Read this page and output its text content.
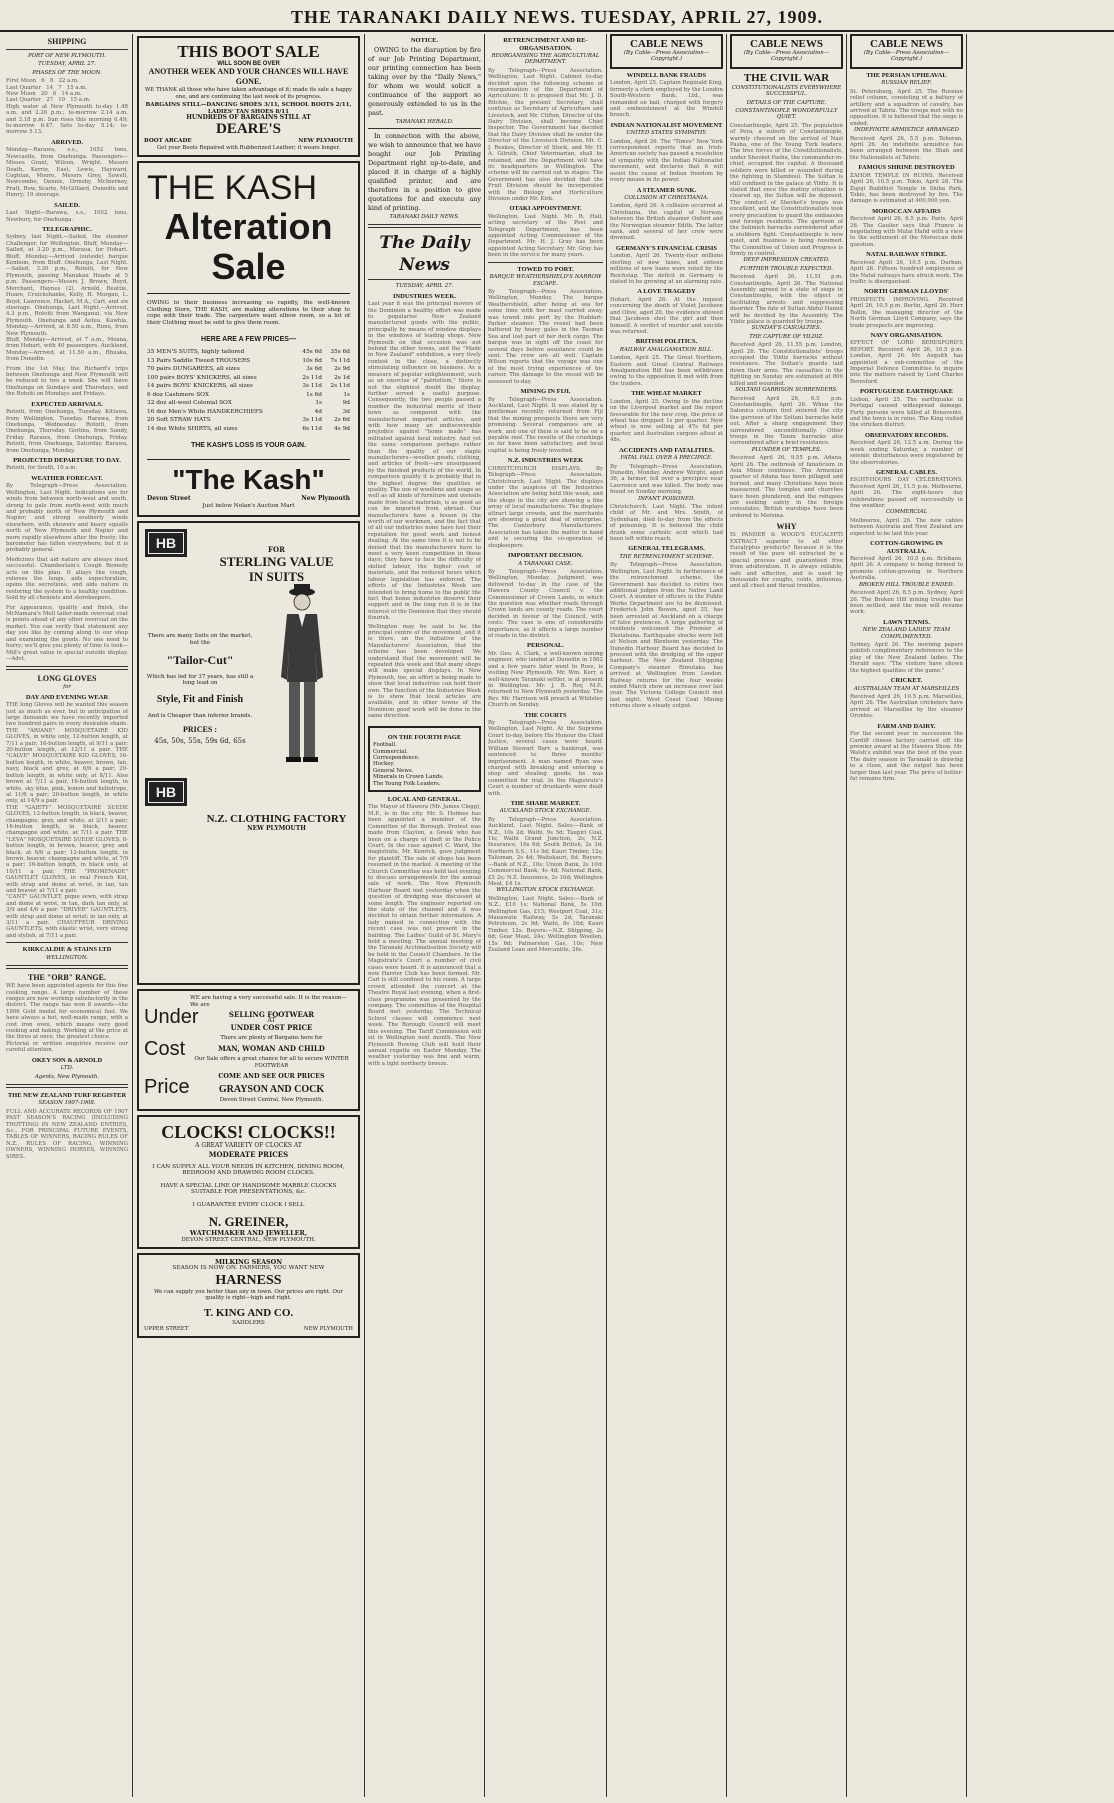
THE TARANAKI DAILY NEWS. TUESDAY, APRIL 27, 1909.
SHIPPING
PORT OF NEW PLYMOUTH.
TUESDAY, APRIL 27.
PHASES OF THE MOON.
First Moon   6   8   22 a.m.
Last Quarter   14   7   15 a.m.
New Moon   20   6   14 a.m.
Last Quarter   27   10   15 a.m.
High water at New Plymouth to-day 1.48 a.m. and 2.26 p.m.; to-morrow 2.14 a.m. and 3.18 p.m. Sun rises this morning 6.49; to-morrow 6.47. Sets to-day 5.14; to-morrow 5.13.
ARRIVED.
Monday—Rarawa, s.s., 1052 tons, Newcastle, from Onehunga. Passengers—Misses Grant, Wilson, Wright, Messrs Death, Kerrie, East, Lewis, Hayward, Coghlan, Moore, Messrs Grey, Sowell, Newcombe, Dennis, Ormsby, McInerney, Pratt, Row, Scarte, McGilliard, Dunedin and Henry; 19 steerage.
SAILED.
Last Night—Rarawa, s.s., 1052 tons, Newbury, for Onehunga.
TELEGRAPHIC.
Sydney, last Night.—Sailed, the steamer Challenger, for Wellington. Bluff, Monday—Sailed, at 3.20 p.m., Maraua, for Hobart. Bluff, Monday.—Arrived (outside) barque Kenbom, from Bluff. Onehunga, Last Night.—Sailed, 3.30 p.m., Rotoiti, for New Plymouth, passing Manukau Heads at 5 p.m. Passengers—Messrs J. Brown, Boyd, Merchant, Haynes (2), Arnold, Beattie, Hoare, Cruickshanks, Kelly, H. Morgan, L. Boyd, Lawrence, Hacket, M.A., Carl, and six steerage. Onehunga, Last Night.—Arrived, 4.3 p.m., Rotoiti from Wanganui, via New Plymouth. Onehunga and Aotea. Kawhia, Monday.—Arrived, at 8.50 a.m., Rimu, from New Plymouth.
Bluff, Monday—Arrived, at 7 a.m., Moana, from Hobart, with 40 passengers. Auckland, Monday—Arrived, at 11.50 a.m., Rhuaka, from Dunedin.
From the 1st May, the Richard's trips between Onehunga and New Plymouth will be reduced to two a week. She will leave Onehunga on Sundays and Thursdays, and the Rotoiti on Mondays and Fridays.
EXPECTED ARRIVALS.
Rotoiti, from Onehunga, Tuesday. Kittawa, from Wellington, Tuesday. Rarawa, from Onehunga, Wednesday. Rotoiti, from Onehunga, Thursday. Gorlina, from Sandy, Friday. Rarawa, from Onehunga, Friday. Rotoiti, from Onehunga, Saturday. Rarawa, from Onehunga, Monday.
PROJECTED DEPARTURE TO DAY.
Rotoiti, for South, 10 a.m.
WEATHER FORECAST.
By Telegraph—Press Association. Wellington, Last Night. Indications are for winds from between north-west and south, strong to gale from north-west with much and probably north of New Plymouth and Napier; and strong southerly winds elsewhere, with showers and heavy squalls north of New Plymouth and Napier and more rapidly elsewhere after the frosty; the barometer has fallen everywhere; but it is probably general.
Medicines that aid nature are always most successful. Chamberlain's Cough Remedy acts on this plan. It allays the cough, relieves the lungs, aids expectoration, opens the secretions, and aids nature in restoring the system to a healthy condition. Sold by all chemists and storekeepers.
For appearance, quality and finish, the McNamara's Mell tailor-made overcoat coat is points ahead of any other overcoat on the market. You can verify that statement any day you like by coming along to our shop and examining the goods. No one need to hurry; we'll give you plenty of time to look—Mill's great value in special outside display.—Advt.
LONG GLOVES
for
DAY AND EVENING WEAR
THE long Gloves will be wanted this season just as much as ever, but in anticipation of large demands we have recently imported two hundred pairs in every desirable shade. THE "ARIANE" MOSQUETAIRE KID GLOVES, in white only, 12-button length, at 7/11 a pair; 16-button length, at 9/11 a pair; 20-button length, at 12/11 a pair. THE "CALVE" MOSQUETAIRE KID GLOVES, 16-button length, in white, beaver, brown, tan, navy, black and grey, at 6/6 a pair; 20-button length, in white only, at 8/11. Also brown at 7/11 a pair, 16-button length, in white, sky blue, pink, lemon and heliotrope, at 11/6 a pair; 20-button length, in white only, at 14/9 a pair.
THE "GAIETY" MOSQUETAIRE SUEDE GLOVES, 12-button length, in black, beaver, champagne, grey, and white, at 3/11 a pair; 16-button length, in black, beaver, champagne and white, at 7/11 a pair. THE "LEVA" MOSQUETAIRE SUEDE GLOVES, 8-button length, in brown, beaver, grey and black, at 6/6 a pair; 12-button length, in brown, beaver, champagne and white, at 7/9 a pair; 16-button length, in black only, at 10/11 a pair. THE "PROMENADE" GAUNTLET GLOVES, in real French Kid, with strap and dome at wrist, in tan, tan and beaver, at 7/11 a pair.
"CANT" GAUNTLET, pique sewn, with strap and dome at wrist, in tan, dark tan only, at 3/9 and 4/6 a pair. "DRIVER" GAUNTLETS, with strap and dome at wrist; in tan only, at 3/11 a pair. CHAUFFEUR DRIVING GAUNTLETS, with elastic wrist, very strong and stylish, at 7/11 a pair.
KIRKCALDIE & STAINS LTD
WELLINGTON.
THE "ORB" RANGE.
WE have been appointed agents for this fine cooking range. A large number of these ranges are now working satisfactorily in the district. The range has won 8 awards—the 1906 Gold medal for economical fuel. We have always a hot, well-made range, with a cost iron oven, which means very good cooking and baking. Working at the price at the three at once, the greatest choice.
Pictorial or written enquiries receive our careful attention.
OKEY SON & ARNOLD
LTD.
Agents, New Plymouth.
THE NEW ZEALAND TURF REGISTER
SEASON 1907-1908.
FULL AND ACCURATE RECORDS OF 1907 PAST SEASON'S RACING (INCLUDING TROTTING) IN NEW ZEALAND ENTRIES, &c., FOR PRINCIPAL FUTURE EVENTS, TABLES OF WINNERS, RACING RULES OF N.Z., RULES OF RACING, WINNING OWNERS, WINNING HORSES, WINNING SIRES.
THIS BOOT SALE
WILL SOON BE OVER
ANOTHER WEEK AND YOUR CHANCES WILL HAVE GONE.
WE THANK all those who have taken advantage of it; made its sale a happy one, and are continuing the last week of its progress.
BARGAINS STILL—DANCING SHOES 3/11, SCHOOL BOOTS 2/11, LADIES' TAN SHOES 8/11
HUNDREDS OF BARGAINS STILL AT
DEARE'S
BOOT ARCADE	NEW PLYMOUTH
Get your Boots Repaired with Rubberized Leather; it wears longer.
THE KASH
Alteration Sale
OWING to their business increasing so rapidly, the well-known Clothing Store, THE KASH, are making alterations to their shop to cope with their trade. The carpenters want elbow room, so a lot of their Clothing must be sold to give them room.
HERE ARE A FEW PRICES—
35 MEN'S SUITS, highly tailored	45s 6d	35s 6d
13 Pairs Saddle Tweed TROUSERS	10s 6d	7s 11d
70 pairs DUNGAREES, all sizes	3s 6d	2s 9d
100 pairs BOYS' KNICKERS, all sizes	2s 11d	2s 1d
14 pairs BOYS' KNICKERS, all sizes	3s 11d	2s 11d
6 doz Cashmere SOX	1s 6d	1s
32 doz all-wool Colonial SOX	1s	9d
16 doz Men's White HANDKERCHIEFS	4d	3d
20 Soft STRAW HATS	3s 11d	2s 6d
14 doz White SHIRTS, all sizes	6s 11d	4s 9d
THE KASH'S LOSS IS YOUR GAIN.
"The Kash"
Devon Street	New Plymouth
Just below Nolan's Auction Mart
HB
HB
FOR
STERLING VALUE
IN SUITS
There are many Suits on the market, but the
"Tailor-Cut"
Which has led for 37 years, has still a long lead on
Style, Fit and Finish
And is Cheaper than inferior brands.
PRICES :
45s, 50s, 55s, 59s 6d, 65s
N.Z. CLOTHING FACTORY
NEW PLYMOUTH
Under
Cost
Price
WE are having a very successful sale. It is the reason—We are
SELLING FOOTWEAR
AT
UNDER COST PRICE
There are plenty of Bargains here for
MAN, WOMAN AND CHILD
Our Sale offers a great chance for all to secure WINTER FOOTWEAR
COME AND SEE OUR PRICES
GRAYSON AND COCK
Devon Street Central, New Plymouth.
CLOCKS! CLOCKS!!
A GREAT VARIETY OF CLOCKS AT
MODERATE PRICES
I CAN SUPPLY ALL YOUR NEEDS IN KITCHEN, DINING ROOM, BEDROOM AND DRAWING ROOM CLOCKS.
HAVE A SPECIAL LINE OF HANDSOME MARBLE CLOCKS SUITABLE FOR PRESENTATIONS, &c.
I GUARANTEE EVERY CLOCK I SELL
N. GREINER,
WATCHMAKER AND JEWELLER,
DEVON STREET CENTRAL, NEW PLYMOUTH.
MILKING SEASON
SEASON IS NOW ON. FARMERS, YOU WANT NEW
HARNESS
We can supply you better than any in town. Our prices are right. Our quality is right—high and right.
T. KING AND CO.
SADDLERS
UPPER STREET	NEW PLYMOUTH
NOTICE.
OWING to the disruption by fire of our Job Printing Department, our printing connection has been taking over by the "Daily News," for whom we would solicit a continuance of the support so generously extended to us in the past.
TARANAKI HERALD.
In connection with the above, we wish to announce that we have bought our Job Printing Department right up-to-date, and placed it in charge of a highly qualified printer, and are therefore in a position to give quotations for and execute any kind of printing.
TARANAKI DAILY NEWS.
The Daily News
TUESDAY, APRIL 27.
INDUSTRIES WEEK.
Last year it was the principal movers of the Dominion a healthy effort was made to popularise New Zealand manufactured goods with the public, principally by means of window displays in the windows of leading shops. New Plymouth on that occasion was not behind the other towns, and the "Made in New Zealand" exhibition, a very lively contest in the close, a distinctly stimulating influence on business. As a measure of popular enlightenment, such as an exercise of "patriotism," there is not the slightest doubt the display, further served a useful purpose. Consequently, the two people passed a number the industrial merits of their town as compared with the manufactured imported articles, and with how many an undiscoverable prejudice against "home made" has militated against local industry. And yet the same comparison perhaps rather than the quality of our staple manufacturers—woollen goods, clothing, and articles of fresh—are unsurpassed by the finished products of the world. In comparison quality it is probably that in the highest degree the qualities of quality. The use of woollens and soaps as well as all kinds of furniture and utensils made from local materials, is as good as can be imported from abroad. Our manufacturers have a lesson in the worth of our workmen, and the fact that of all our industries none have lost their reputation for good work and honest dealing. At the same time it is not to be denied that the manufacturers have to meet a very keen competition in these days; they have to face the difficulty of skilled labour, the higher cost of materials, and the reduced hours which labour legislation has enforced. The efforts of the Industries Week are intended to bring home to the public the fact that home industries deserve their support and in the long run it is in the interest of the Dominion that they should flourish.
Wellington may be said to be the principal centre of the movement, and it is there, on the initiative of the Manufacturers' Association, that the scheme has been developed. We understand that the movement will be repeated this week and that many shops will make special displays. In New Plymouth, too, an effort is being made to show that local industries can hold their own. The function of the Industries Week is to show that local articles are available, and in other towns of the Dominion good work will be done in the same direction.
ON THE FOURTH PAGE
Football.
Commercial.
Correspondence.
Hockey.
General News.
Minerals in Crown Lands.
The Young Folk Leaders.
LOCAL AND GENERAL.
The Mayor of Hawera (Mr. James Clegg), M.P., is in the city. Mr. S. Holmes has been appointed a member of the Committee of the Borough. Protest was made from Clayton, a Greek who has been on a charge of theft in the Police Court. In the case against C. Ward, the magistrate, Mr. Kenrick, gave judgment for plaintiff. The sale of shops has been resumed in the market. A meeting of the Church Committee was held last evening to discuss arrangements for the annual sale of work. The New Plymouth Harbour Board met yesterday when the question of dredging was discussed at some length. The engineer reported on the state of the channel and it was decided to obtain further information. A lady named in connection with the recent case was not present in the building. The Ladies' Guild of St. Mary's held a meeting. The annual meeting of the Taranaki Acclimatisation Society will be held in the Council Chambers. In the Magistrate's Court a number of civil cases were heard. It is announced that a new Harrier Club has been formed. Mr. Carl is still confined to his room. A large crowd attended the concert at the Theatre Royal last evening, when a first-class programme was presented by the company. The committee of the Hospital Board met yesterday. The Technical School classes will commence next week. The Borough Council will meet this evening. The Tariff Commission will sit in Wellington next month. The New Plymouth Rowing Club will hold their annual regatta on Easter Monday. The weather yesterday was fine and warm, with a light northerly breeze.
RETRENCHMENT AND RE-ORGANISATION.
REORGANISING THE AGRICULTURAL DEPARTMENT.
By Telegraph—Press Association. Wellington, Last Night. Cabinet to-day decided upon the following scheme of reorganisation of the Department of Agriculture: It is proposed that Mr. J. D. Ritchie, the present Secretary, shall continue as Secretary of Agriculture and Livestock, and Mr. Clifton, Director of the Dairy Division, shall become Chief Inspector. The Government has decided that the Dairy Division shall be under the Director of the Livestock Division. Mr. C. J. Reakes, Director of Stock, and Mr. H. A. Gilruth, Chief Veterinarian, shall be retained, and the Department will have its headquarters in Wellington. The scheme will be carried out in stages. The Government has also decided that the Fruit Division should be incorporated with the Biology and Horticulture Division under Mr. Kirk.
OTAKI APPOINTMENT.
Wellington, Last Night. Mr. R. Hall, acting secretary of the Post and Telegraph Department, has been appointed Acting Commissioner of the Department. Mr. H. J. Gray has been appointed Acting Secretary. Mr. Gray has been in the service for many years.
TOWED TO PORT.
BARQUE WEATHERSHIELD'S NARROW ESCAPE.
By Telegraph—Press Association. Wellington, Monday. The barque Weathershield, after being at sea for some time with her mast carried away, was towed into port by the Huddart-Parker steamer. The vessel had been battered by heavy gales in the Tasman Sea and lost part of her deck cargo. The barque was in sight off the coast for several days before assistance could be sent. The crew are all well. Captain Wilson reports that the voyage was one of the most trying experiences of his career. The damage to the vessel will be assessed to-day.
MINING IN FIJI.
By Telegraph—Press Association. Auckland, Last Night. It was stated by a gentleman recently returned from Fiji that the mining prospects there are very promising. Several companies are at work, and one of them is said to be on a payable reef. The results of the crushings so far have been satisfactory, and local capital is being freely invested.
N.Z. INDUSTRIES WEEK
CHRISTCHURCH DISPLAYS. By Telegraph—Press Association. Christchurch, Last Night. The displays under the auspices of the Industries Association are being held this week, and the shops in the city are showing a fine array of local manufactures. The displays attract large crowds, and the merchants are showing a great deal of enterprise. The Canterbury Manufacturers' Association has taken the matter in hand and is securing the co-operation of shopkeepers.
IMPORTANT DECISION.
A TARANAKI CASE.
By Telegraph—Press Association. Wellington, Monday. Judgment was delivered to-day in the case of the Hawera County Council v. the Commissioner of Crown Lands, in which the question was whether roads through Crown lands are county roads. The court decided in favour of the Council, with costs. The case is one of considerable importance, as it affects a large number of roads in the district.
PERSONAL.
Mr. Geo. A. Clark, a well-known mining engineer, who landed at Dunedin in 1862 and a few years later went to Ross, is visiting New Plymouth. Mr. Wm. Kerr, a well-known Taranaki settler, is at present in Wellington. Mr. J. B. Roy, M.P., returned to New Plymouth yesterday. The Rev. Mr. Harrison will preach at Whiteley Church on Sunday.
THE COURTS
By Telegraph—Press Association. Wellington, Last Night. At the Supreme Court to-day, before His Honour the Chief Justice, several cases were heard. William Stewart Barr, a bankrupt, was sentenced to three months' imprisonment. A man named Ryan was charged with breaking and entering a shop and stealing goods; he was committed for trial. In the Magistrate's Court a number of drunkards were dealt with.
THE SHARE MARKET.
AUCKLAND STOCK EXCHANGE.
By Telegraph—Press Association. Auckland, Last Night. Sales:—Bank of N.Z., 10s 2d; Waihi, 9s 5d; Taupiri Coal, 1ls; Waihi Grand Junction, 2s; N.Z. Insurance, 16s 6d; South British, 2s 3d; Northern S.S., 11s 9d; Kauri Timber, 12s; Talisman, 2s 4d; Waitekauri, 8d. Buyers:—Bank of N.Z., 10s; Union Bank, 2s 10d; Commercial Bank, 4s 4d; National Bank, £5 2s; N.Z. Insurance, 2s 10d; Wellington Meat, £4 1s.
WELLINGTON STOCK EXCHANGE.
Wellington, Last Night. Sales:—Bank of N.Z., £10 1s; National Bank, 5s 10d; Wellington Gas, £15; Westport Coal, 31s; Manawatu Railway, 5s 2d; Taranaki Petroleum, 2s 9d; Waihi, 8s 10d; Kauri Timber, 12s. Buyers:—N.Z. Shipping, 2s 6d; Gear Meat, 24s; Wellington Woollen, 15s 6d; Palmerston Gas, 10s; New Zealand Loan and Mercantile, 26s.
CABLE NEWS
(By Cable—Press Association—Copyright.)
WINDELL BANK FRAUDS
London, April 25. Captain Reginald King, formerly a clerk employed by the London South-Western Bank, Ltd., was remanded on bail, charged with forgery and embezzlement at the Windell branch.
INDIAN NATIONALIST MOVEMENT
UNITED STATES SYMPATHY.
London, April 26. The "Times" New York correspondent reports that an Irish-American society has passed a resolution of sympathy with the Indian Nationalist movement, and declares that it will assist the cause of Indian freedom by every means in its power.
A STEAMER SUNK.
COLLISION AT CHRISTIANIA.
London, April 26. A collision occurred at Christiania, the capital of Norway, between the British steamer Oxford and the Norwegian steamer Edith. The latter sank, and several of her crew were drowned.
GERMANY'S FINANCIAL CRISIS
London, April 26. Twenty-four millions sterling of new taxes, and sixteen millions of new loans were voted by the Reichstag. The deficit in Germany is stated to be growing at an alarming rate.
A LOVE TRAGEDY
Hobart, April 26. At the inquest concerning the death of Violet Jacobsen and Olive, aged 20, the evidence showed that Jacobsen shot the girl and then himself. A verdict of murder and suicide was returned.
BRITISH POLITICS.
RAILWAY AMALGAMATION BILL.
London, April 25. The Great Northern, Eastern and Great Central Railways Amalgamation Bill has been withdrawn owing to the opposition it met with from the traders.
THE WHEAT MARKET
London, April 25. Owing to the decline on the Liverpool market and the report favourable for the new crop, the price of wheat has dropped 1s per quarter. New wheat is now selling at 47s 6d per quarter, and Australian cargoes afloat at 48s.
ACCIDENTS AND FATALITIES.
FATAL FALL OVER A PRECIPICE.
By Telegraph—Press Association. Dunedin, Monday. Andrew Wirght, aged 36, a farmer, fell over a precipice near Lawrence and was killed. The body was found on Sunday morning.
INFANT POISONED.
Christchurch, Last Night. The infant child of Mr. and Mrs. Smith, of Sydenham, died to-day from the effects of poisoning. It is believed the child drank some carbolic acid which had been left within reach.
GENERAL TELEGRAMS.
THE RETRENCHMENT SCHEME.
By Telegraph—Press Association. Wellington, Last Night. In furtherance of the retrenchment scheme, the Government has decided to retire two additional judges from the Native Land Court. A number of officers in the Public Works Department are to be dismissed. Frederick John Bowen, aged 25, has been arrested at Auckland on a charge of false pretences. A large gathering of residents welcomed the Premier at Eketahuna. Earthquake shocks were felt at Nelson and Blenheim yesterday. The Dunedin Harbour Board has decided to proceed with the dredging of the upper harbour. The New Zealand Shipping Company's steamer Rimutaka has arrived at Wellington from London. Railway returns for the four weeks ended March show an increase over last year. The Victoria College Council met last night. West Coast Coal Mining returns show a steady output.
CABLE NEWS
(By Cable—Press Association—Copyright.)
THE CIVIL WAR
CONSTITUTIONALISTS EVERYWHERE SUCCESSFUL.
DETAILS OF THE CAPTURE.
CONSTANTINOPLE WONDERFULLY QUIET.
Constantinople, April 25. The population of Pera, a suburb of Constantinople, warmly cheered on the arrival of Nazi Pasha, one of the Young Turk leaders. The tree forces of the Constitutionalists, under Shevket Pasha, the commander-in-chief, occupied the capital. A thousand soldiers were killed or wounded during the fighting in Stamboul. The Sultan is still confined in the palace at Yildiz. It is stated that once the mutiny situation is cleared up, the Sultan will be deposed. The conduct of Shevket's troops was excellent, and the Constitutionalists took every precaution to guard the embassies and foreign residents. The garrison of the Selimieh barracks surrendered after a stubborn fight. Constantinople is now quiet, and business is being resumed. The Committee of Union and Progress is firmly in control.
DEEP IMPRESSION CREATED.
FURTHER TROUBLE EXPECTED.
Received April 26, 11.51 p.m. Constantinople, April 26. The National Assembly agreed to a state of siege in Constantinople, with the object of facilitating arrests and suppressing disorder. The fate of Sultan Abdul Hamid will be decided by the Assembly. The Yildiz palace is guarded by troops.
SUNDAY'S CASUALTIES.
THE CAPTURE OF YILDIZ.
Received April 26, 11.55 p.m. London, April 26. The Constitutionalists' troops occupied the Yildiz barracks without resistance. The Sultan's guards laid down their arms. The casualties in the fighting on Sunday are estimated at 800 killed and wounded.
SOLTANI GARRISON SURRENDERS.
Received April 26, 6.5 p.m. Constantinople, April 26. When the Salonica column first entered the city the garrison of the Soltani barracks held out. After a sharp engagement they surrendered unconditionally. Other troops in the Taxim barracks also surrendered after a brief resistance.
PLUNDER OF TEMPLES.
Received April 26, 9.55 p.m. Adana, April 26. The outbreak of fanaticism in Asia Minor continues. The Armenian quarter of Adana has been pillaged and burned, and many Christians have been massacred. The temples and churches have been plundered, and the refugees are seeking safety in the foreign consulates. British warships have been ordered to Mersina.
WHY
IS PANDER & WOOD'S EUCALYPTI EXTRACT superior to all other Eucalyptus products? Because it is the result of the pure oil extracted by a special process and guaranteed free from adulteration. It is always reliable, safe and effective, and is used by thousands for coughs, colds, influenza, and all chest and throat troubles.
CABLE NEWS
(By Cable—Press Association—Copyright.)
THE PERSIAN UPHEAVAL
RUSSIAN RELIEF.
St. Petersburg, April 25. The Russian relief column, consisting of a battery of artillery and a squadron of cavalry, has arrived at Tabriz. The troops met with no opposition. It is believed that the siege is ended.
INDEFINITE ARMISTICE ARRANGED
Received April 26, 5.5 p.m. Teheran, April 26. An indefinite armistice has been arranged between the Shah and the Nationalists at Tabriz.
FAMOUS SHRINE DESTROYED
ZAHOR TEMPLE IN RUINS. Received April 26, 10.5 p.m. Tokio, April 26. The Zojoji Buddhist Temple in Shiba Park, Tokio, has been destroyed by fire. The damage is estimated at 400,000 yen.
MOROCCAN AFFAIRS
Received April 26, 6.5 p.m. Paris, April 26. The Gaulier says that France is negotiating with Mulai Hafid with a view to the settlement of the Moroccan debt question.
NATAL RAILWAY STRIKE.
Received April 26, 10.5 p.m. Durban, April 26. Fifteen hundred employees of the Natal railways have struck work. The traffic is disorganised.
NORTH GERMAN LLOYDS'
PROSPECTS IMPROVING. Received April 26, 10.5 p.m. Berlin, April 26. Herr Ballin, the managing director of the North German Lloyd Company, says the trade prospects are improving.
NAVY ORGANISATION.
EFFECT OF LORD BERESFORD'S REPORT. Received April 26, 10.5 p.m. London, April 26. Mr. Asquith has appointed a sub-committee of the Imperial Defence Committee to inquire into the matters raised by Lord Charles Beresford.
PORTUGUESE EARTHQUAKE
Lisbon, April 25. The earthquake in Portugal caused widespread damage. Forty persons were killed at Benavente, and the town is in ruins. The King visited the stricken district.
OBSERVATORY RECORDS.
Received April 26, 12.5 a.m. During the week ending Saturday, a number of seismic disturbances were registered by the observatories.
GENERAL CABLES.
EIGHT-HOURS DAY CELEBRATIONS. Received April 26, 11.5 p.m. Melbourne, April 26. The eight-hours day celebrations passed off successfully in fine weather.
COMMERCIAL
Melbourne, April 26. The new cables between Australia and New Zealand are expected to be laid this year.
COTTON-GROWING IN AUSTRALIA.
Received April 26, 10.5 p.m. Brisbane, April 26. A company is being formed to promote cotton-growing in Northern Australia.
BROKEN HILL TROUBLE ENDED.
Received April 26, 8.5 p.m. Sydney, April 26. The Broken Hill mining trouble has been settled, and the men will resume work.
LAWN TENNIS.
NEW ZEALAND LADIES' TEAM COMPLIMENTED.
Sydney, April 26. The morning papers publish complimentary references to the play of the New Zealand ladies. The Herald says: "The visitors have shown the highest qualities of the game."
CRICKET.
AUSTRALIAN TEAM AT MARSEILLES
Received April 26, 10.5 p.m. Marseilles, April 26. The Australian cricketers have arrived at Marseilles by the steamer Orontes.
FARM AND DAIRY.
For the second year in succession the Cardiff cheese factory carried off the premier award at the Hawera Show. Mr. Walsh's exhibit was the best of the year. The dairy season in Taranaki is drawing to a close, and the output has been larger than last year. The price of butter-fat remains firm.
